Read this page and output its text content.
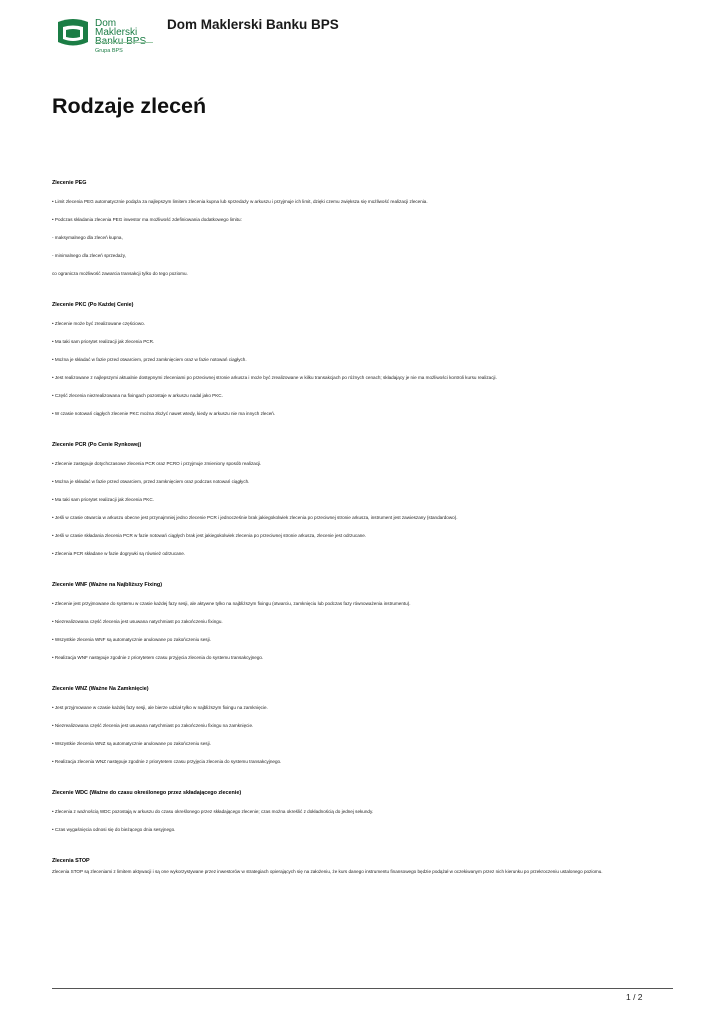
Dom Maklerski
Grupa BPS
Dom Maklerski Banku BPS
Rodzaje zleceń

Zlecenie PEG

• Limit zlecenia PEG automatycznie podąża za najlepszym limitem zlecenia kupna lub sprzedaży w arkuszu i przyjmuje ich limit, dzięki czemu zwiększa się możliwość realizacji zlecenia.

• Podczas składania zlecenia PEG inwestor ma możliwość zdefiniowania dodatkowego limitu:

- maksymalnego dla zleceń kupna,

- minimalnego dla zleceń sprzedaży,

co ogranicza możliwość zawarcia transakcji tylko do tego poziomu.

Zlecenie PKC (Po Każdej Cenie)

• Zlecenie może być zrealizowane częściowo.

• Ma taki sam priorytet realizacji jak zlecenia PCR.

• Można je składać w fazie przed otwarciem, przed zamknięciem oraz w fazie notowań ciągłych.

• Jest realizowane z najlepszymi aktualnie dostępnymi zleceniami po przeciwnej stronie arkusza i może być zrealizowane w kilku transakcjach po różnych cenach; składający je nie ma możliwości kontroli kursu realizacji.

• Część zlecenia niezrealizowana na fixingach pozostaje w arkuszu nadal jako PKC.

• W czasie notowań ciągłych zlecenie PKC można złożyć nawet wtedy, kiedy w arkuszu nie ma innych zleceń.

Zlecenie PCR (Po Cenie Rynkowej)

• Zlecenie zastępuje dotychczasowe zlecenia PCR oraz PCRO i przyjmuje zmieniony sposób realizacji.

• Można je składać w fazie przed otwarciem, przed zamknięciem oraz podczas notowań ciągłych.

• Ma taki sam priorytet realizacji jak zlecenia PKC.

• Jeśli w czasie otwarcia w arkuszu obecne jest przynajmniej jedno zlecenie PCR i jednocześnie brak jakiegokolwiek zlecenia po przeciwnej stronie arkusza, instrument jest zawieszany (standardowo).

• Jeśli w czasie składania zlecenia PCR w fazie notowań ciągłych brak jest jakiegokolwiek zlecenia po przeciwnej stronie arkusza, zlecenie jest odrzucane.

• Zlecenia PCR składane w fazie dogrywki są również odrzucane.

Zlecenie WNF (Ważne na Najbliższy Fixing)

• Zlecenie jest przyjmowane do systemu w czasie każdej fazy sesji, ale aktywne tylko na najbliższym fixingu (otwarciu, zamknięciu lub podczas fazy równoważenia instrumentu).

• Niezrealizowana część zlecenia jest usuwana natychmiast po zakończeniu fixingu.

• Wszystkie zlecenia WNF są automatycznie anulowane po zakończeniu sesji.

• Realizacja WNF następuje zgodnie z priorytetem czasu przyjęcia zlecenia do systemu transakcyjnego.

Zlecenie WNZ (Ważne Na Zamknięcie)

• Jest przyjmowane w czasie każdej fazy sesji, ale bierze udział tylko w najbliższym fixingu na zamknięcie.

• Niezrealizowana część zlecenia jest usuwana natychmiast po zakończeniu fixingu na zamknięcie.

• Wszystkie zlecenia WNZ są automatycznie anulowane po zakończeniu sesji.

• Realizacja zlecenia WNZ następuje zgodnie z priorytetem czasu przyjęcia zlecenia do systemu transakcyjnego.

Zlecenie WDC (Ważne do czasu określonego przez składającego zlecenie)

• Zlecenia z ważnością WDC pozostają w arkuszu do czasu określonego przez składającego zlecenie; czas można określić z dokładnością do jednej sekundy.

• Czas wygaśnięcia odnosi się do bieżącego dnia sesyjnego.

Zlecenia STOP

Zlecenia STOP są zleceniami z limitem aktywacji i są one wykorzystywane przez inwestorów w strategiach opierających się na założeniu, że kurs danego instrumentu finansowego będzie podążał w oczekiwanym przez nich kierunku po przekroczeniu ustalonego poziomu.

1 / 2
